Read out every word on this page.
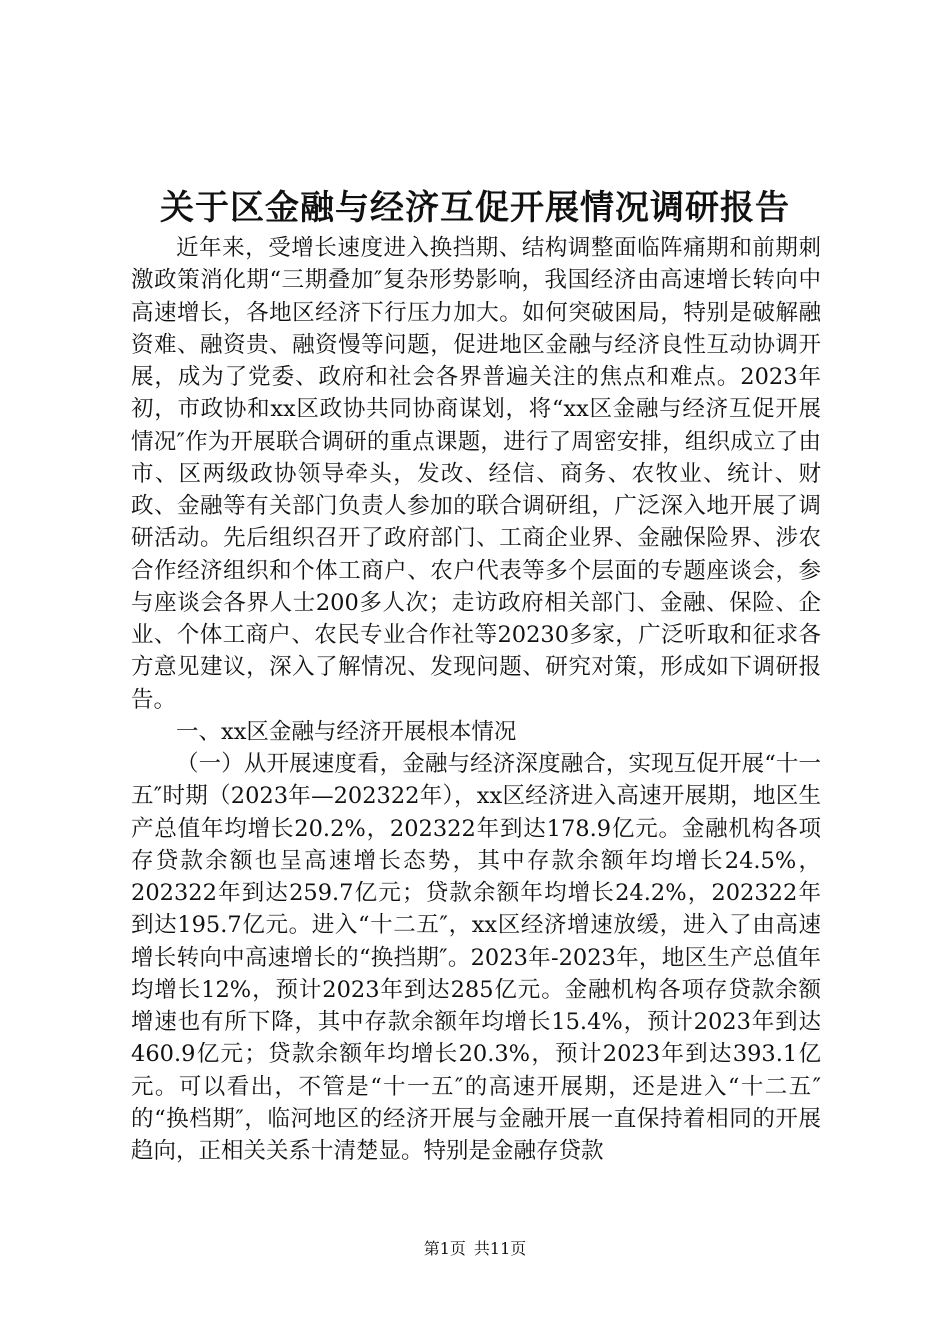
关于区金融与经济互促开展情况调研报告

近年来，受增长速度进入换挡期、结构调整面临阵痛期和前期刺激政策消化期“三期叠加″复杂形势影响，我国经济由高速增长转向中高速增长，各地区经济下行压力加大。如何突破困局，特别是破解融资难、融资贵、融资慢等问题，促进地区金融与经济良性互动协调开展，成为了党委、政府和社会各界普遍关注的焦点和难点。2023年初，市政协和xx区政协共同协商谋划，将“xx区金融与经济互促开展情况″作为开展联合调研的重点课题，进行了周密安排，组织成立了由市、区两级政协领导牵头，发改、经信、商务、农牧业、统计、财政、金融等有关部门负责人参加的联合调研组，广泛深入地开展了调研活动。先后组织召开了政府部门、工商企业界、金融保险界、涉农合作经济组织和个体工商户、农户代表等多个层面的专题座谈会，参与座谈会各界人士200多人次；走访政府相关部门、金融、保险、企业、个体工商户、农民专业合作社等20230多家，广泛听取和征求各方意见建议，深入了解情况、发现问题、研究对策，形成如下调研报告。

一、xx区金融与经济开展根本情况

（一）从开展速度看，金融与经济深度融合，实现互促开展“十一五″时期（2023年—202322年），xx区经济进入高速开展期，地区生产总值年均增长20.2%，202322年到达178.9亿元。金融机构各项存贷款余额也呈高速增长态势，其中存款余额年均增长24.5%，202322年到达259.7亿元；贷款余额年均增长24.2%，202322年到达195.7亿元。进入“十二五″，xx区经济增速放缓，进入了由高速增长转向中高速增长的“换挡期″。2023年-2023年，地区生产总值年均增长12%，预计2023年到达285亿元。金融机构各项存贷款余额增速也有所下降，其中存款余额年均增长15.4%，预计2023年到达460.9亿元；贷款余额年均增长20.3%，预计2023年到达393.1亿元。可以看出，不管是“十一五″的高速开展期，还是进入“十二五″的“换档期″，临河地区的经济开展与金融开展一直保持着相同的开展趋向，正相关关系十清楚显。特别是金融存贷款

第1页 共11页
